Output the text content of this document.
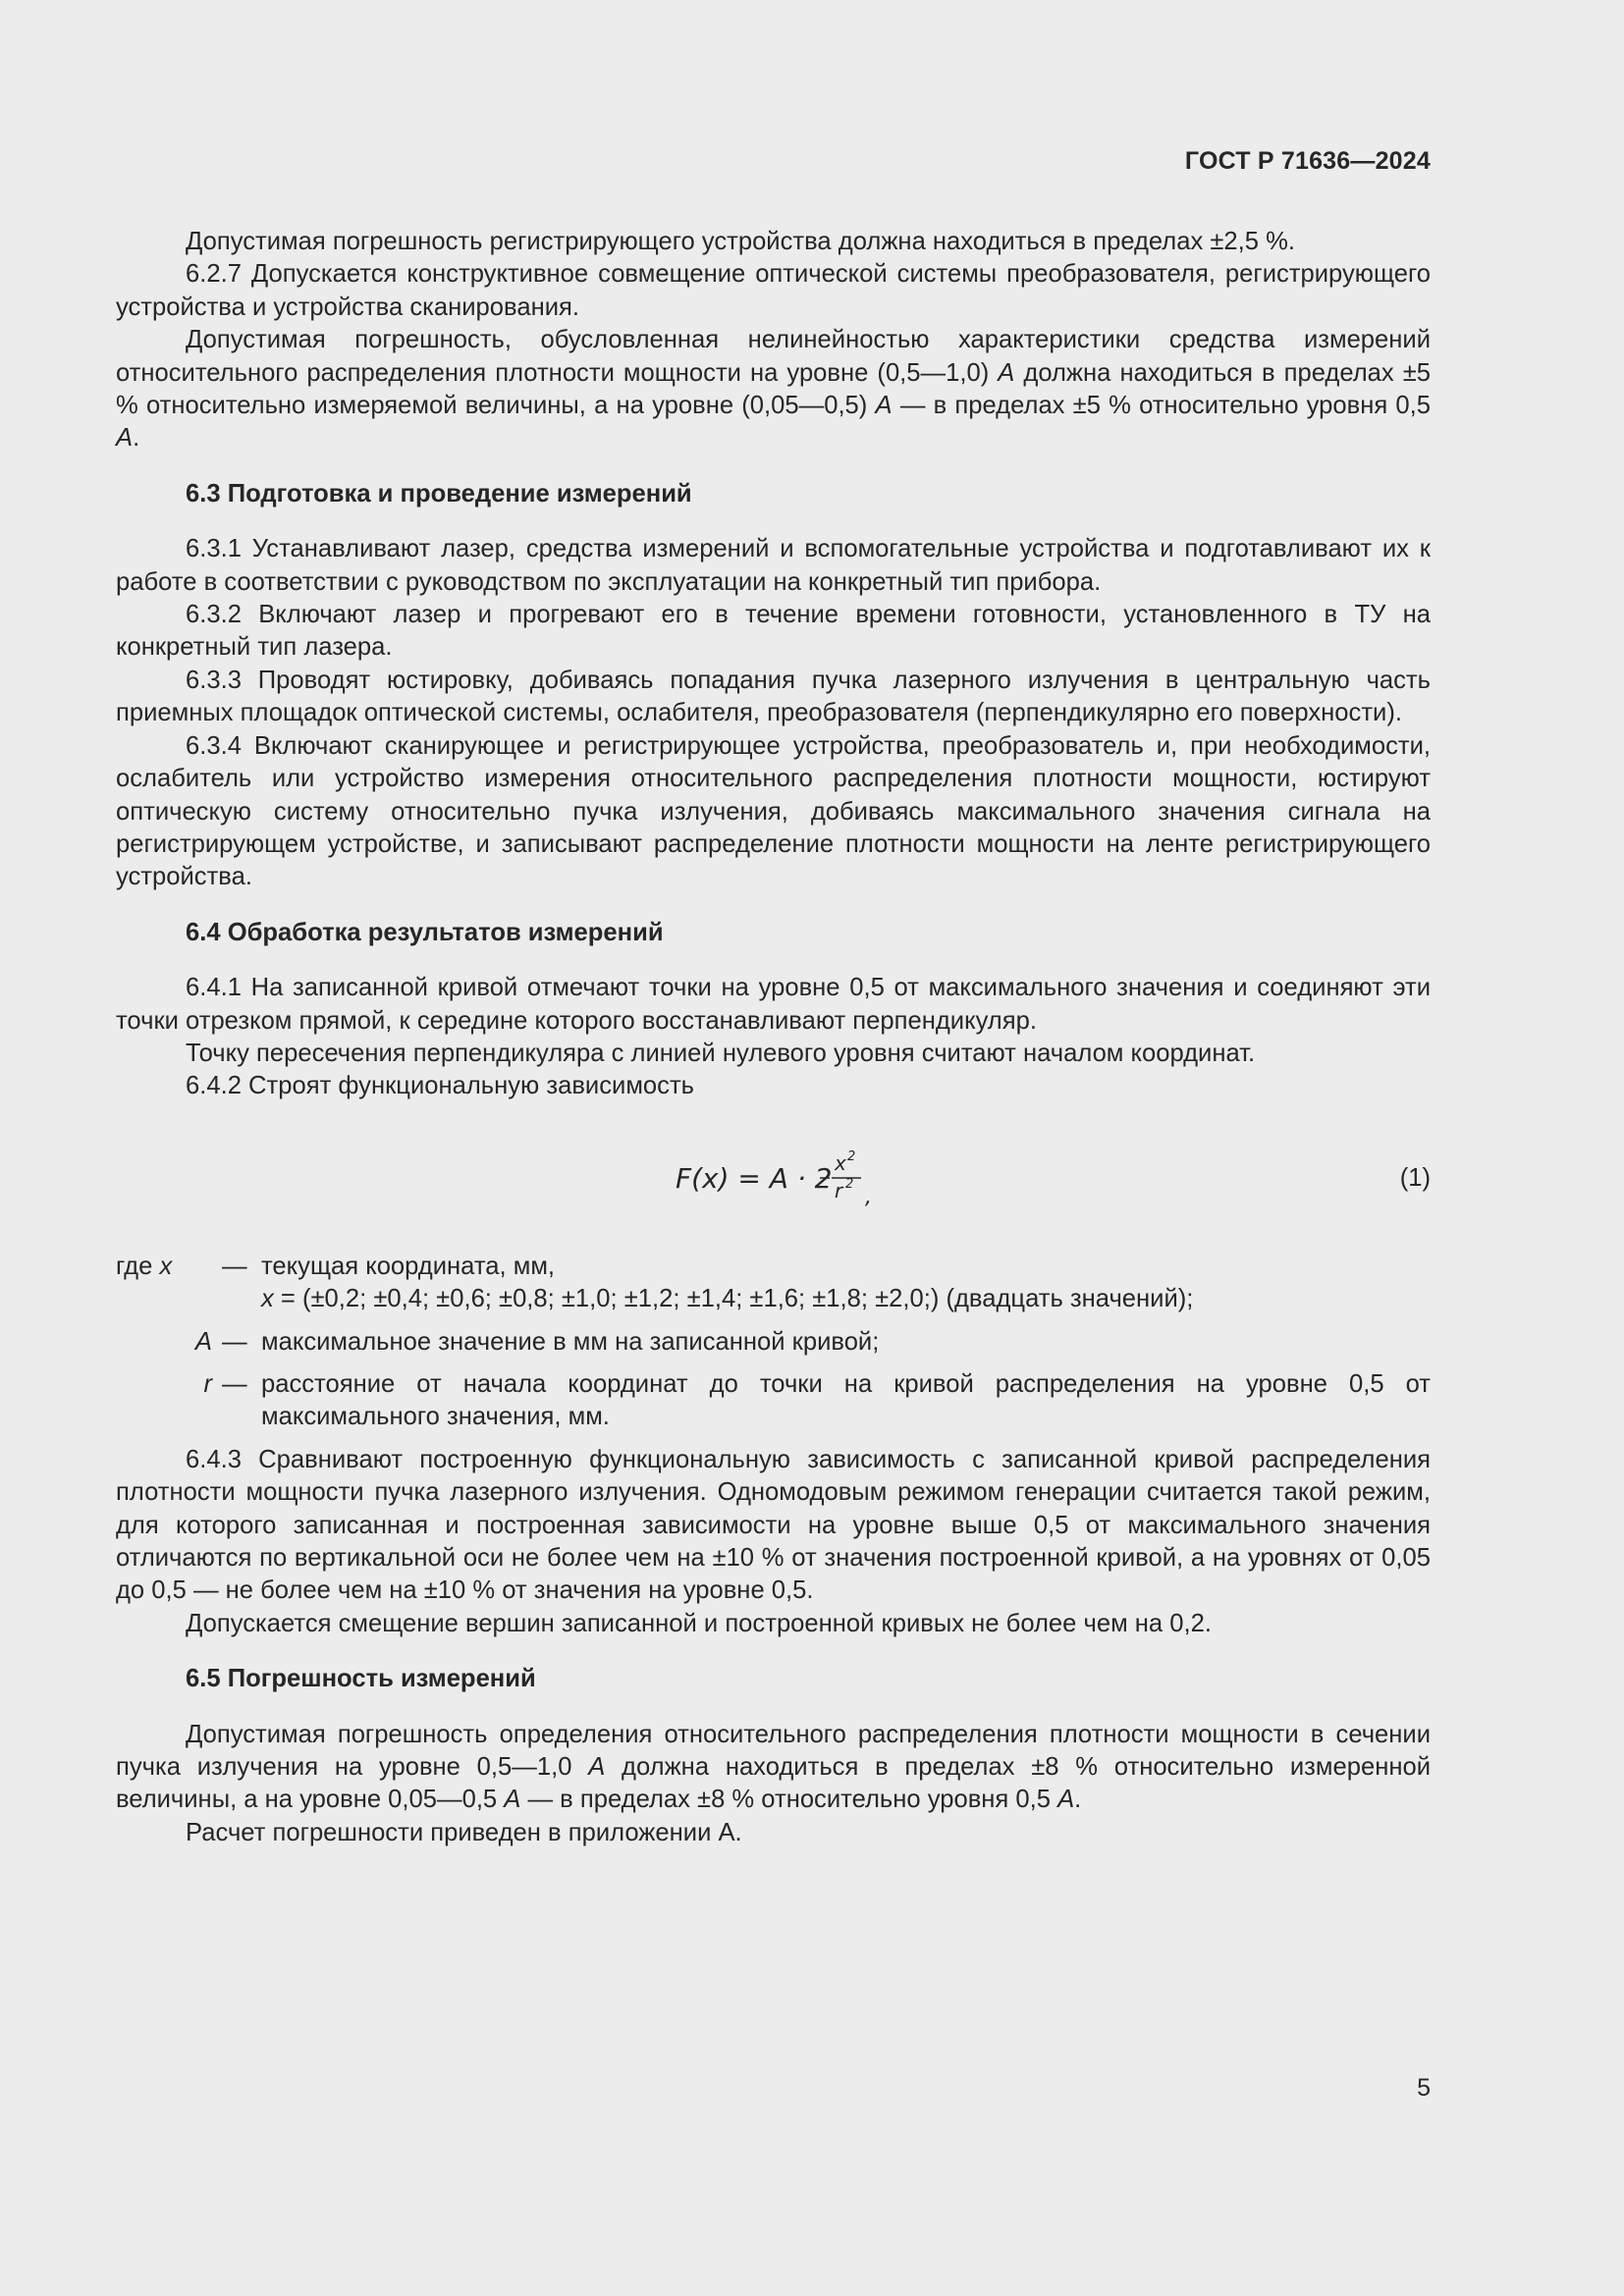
ГОСТ Р 71636—2024

Допустимая погрешность регистрирующего устройства должна находиться в пределах ±2,5 %.

6.2.7 Допускается конструктивное совмещение оптической системы преобразователя, регистрирующего устройства и устройства сканирования.

Допустимая погрешность, обусловленная нелинейностью характеристики средства измерений относительного распределения плотности мощности на уровне (0,5—1,0) A должна находиться в пределах ±5 % относительно измеряемой величины, а на уровне (0,05—0,5) A — в пределах ±5 % относительно уровня 0,5 A.

6.3 Подготовка и проведение измерений

6.3.1 Устанавливают лазер, средства измерений и вспомогательные устройства и подготавливают их к работе в соответствии с руководством по эксплуатации на конкретный тип прибора.

6.3.2 Включают лазер и прогревают его в течение времени готовности, установленного в ТУ на конкретный тип лазера.

6.3.3 Проводят юстировку, добиваясь попадания пучка лазерного излучения в центральную часть приемных площадок оптической системы, ослабителя, преобразователя (перпендикулярно его поверхности).

6.3.4 Включают сканирующее и регистрирующее устройства, преобразователь и, при необходимости, ослабитель или устройство измерения относительного распределения плотности мощности, юстируют оптическую систему относительно пучка излучения, добиваясь максимального значения сигнала на регистрирующем устройстве, и записывают распределение плотности мощности на ленте регистрирующего устройства.

6.4 Обработка результатов измерений

6.4.1 На записанной кривой отмечают точки на уровне 0,5 от максимального значения и соединяют эти точки отрезком прямой, к середине которого восстанавливают перпендикуляр.

Точку пересечения перпендикуляра с линией нулевого уровня считают началом координат.

6.4.2 Строят функциональную зависимость

F(x) = A · 2 x 2
r 2
,
(1)
где x	— текущая координата, мм,
x = (±0,2; ±0,4; ±0,6; ±0,8; ±1,0; ±1,2; ±1,4; ±1,6; ±1,8; ±2,0;) (двадцать значений);
A — максимальное значение в мм на записанной кривой;
r — расстояние от начала координат до точки на кривой распределения на уровне 0,5 от максимального значения, мм.

6.4.3 Сравнивают построенную функциональную зависимость с записанной кривой распределения плотности мощности пучка лазерного излучения. Одномодовым режимом генерации считается такой режим, для которого записанная и построенная зависимости на уровне выше 0,5 от максимального значения отличаются по вертикальной оси не более чем на ±10 % от значения построенной кривой, а на уровнях от 0,05 до 0,5 — не более чем на ±10 % от значения на уровне 0,5.

Допускается смещение вершин записанной и построенной кривых не более чем на 0,2.

6.5 Погрешность измерений

Допустимая погрешность определения относительного распределения плотности мощности в сечении пучка излучения на уровне 0,5—1,0 A должна находиться в пределах ±8 % относительно измеренной величины, а на уровне 0,05—0,5 A — в пределах ±8 % относительно уровня 0,5 A.

Расчет погрешности приведен в приложении А.

5
